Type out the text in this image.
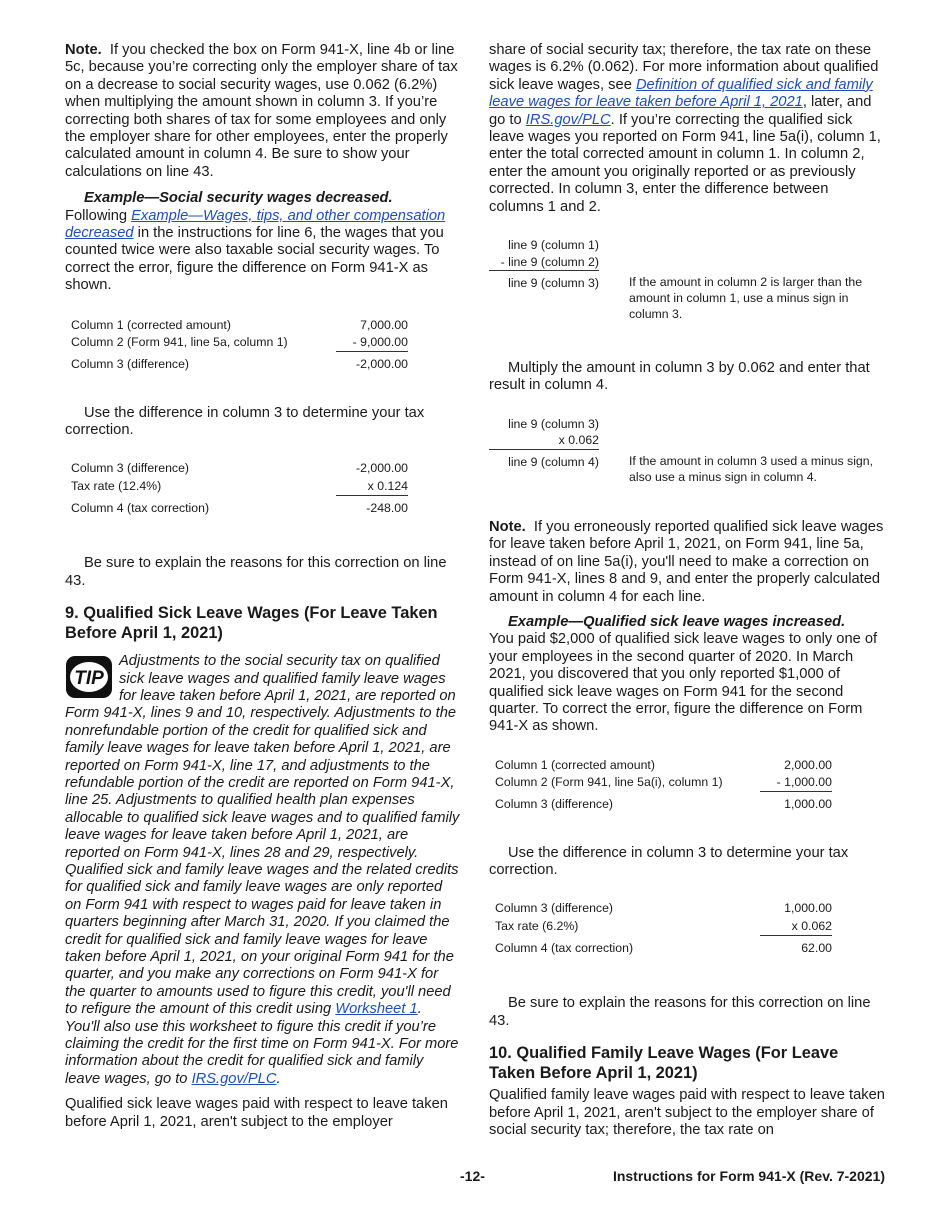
Note. If you checked the box on Form 941-X, line 4b or line 5c, because you’re correcting only the employer share of tax on a decrease to social security wages, use 0.062 (6.2%) when multiplying the amount shown in column 3. If you’re correcting both shares of tax for some employees and only the employer share for other employees, enter the properly calculated amount in column 4. Be sure to show your calculations on line 43.

Example—Social security wages decreased.
Following Example—Wages, tips, and other compensation decreased in the instructions for line 6, the wages that you counted twice were also taxable social security wages. To correct the error, figure the difference on Form 941-X as shown.

Column 1 (corrected amount)	7,000.00
Column 2 (Form 941, line 5a, column 1)	- 9,000.00
Column 3 (difference)	-2,000.00

Use the difference in column 3 to determine your tax correction.

Column 3 (difference)	-2,000.00
Tax rate (12.4%)	x 0.124
Column 4 (tax correction)	-248.00

Be sure to explain the reasons for this correction on line 43.

9. Qualified Sick Leave Wages (For Leave Taken Before April 1, 2021)

TIP
Adjustments to the social security tax on qualified sick leave wages and qualified family leave wages for leave taken before April 1, 2021, are reported on Form 941-X, lines 9 and 10, respectively. Adjustments to the nonrefundable portion of the credit for qualified sick and family leave wages for leave taken before April 1, 2021, are reported on Form 941-X, line 17, and adjustments to the refundable portion of the credit are reported on Form 941-X, line 25. Adjustments to qualified health plan expenses allocable to qualified sick leave wages and to qualified family leave wages for leave taken before April 1, 2021, are reported on Form 941-X, lines 28 and 29, respectively. Qualified sick and family leave wages and the related credits for qualified sick and family leave wages are only reported on Form 941 with respect to wages paid for leave taken in quarters beginning after March 31, 2020. If you claimed the credit for qualified sick and family leave wages for leave taken before April 1, 2021, on your original Form 941 for the quarter, and you make any corrections on Form 941-X for the quarter to amounts used to figure this credit, you'll need to refigure the amount of this credit using Worksheet 1. You'll also use this worksheet to figure this credit if you’re claiming the credit for the first time on Form 941-X. For more information about the credit for qualified sick and family leave wages, go to IRS.gov/PLC.

Qualified sick leave wages paid with respect to leave taken before April 1, 2021, aren't subject to the employer

share of social security tax; therefore, the tax rate on these wages is 6.2% (0.062). For more information about qualified sick leave wages, see Definition of qualified sick and family leave wages for leave taken before April 1, 2021, later, and go to IRS.gov/PLC. If you’re correcting the qualified sick leave wages you reported on Form 941, line 5a(i), column 1, enter the total corrected amount in column 1. In column 2, enter the amount you originally reported or as previously corrected. In column 3, enter the difference between columns 1 and 2.

line 9 (column 1)
- line 9 (column 2)
line 9 (column 3) If the amount in column 2 is larger than the amount in column 1, use a minus sign in column 3.

Multiply the amount in column 3 by 0.062 and enter that result in column 4.

line 9 (column 3)
x 0.062
line 9 (column 4) If the amount in column 3 used a minus sign, also use a minus sign in column 4.

Note. If you erroneously reported qualified sick leave wages for leave taken before April 1, 2021, on Form 941, line 5a, instead of on line 5a(i), you'll need to make a correction on Form 941-X, lines 8 and 9, and enter the properly calculated amount in column 4 for each line.

Example—Qualified sick leave wages increased.
You paid $2,000 of qualified sick leave wages to only one of your employees in the second quarter of 2020. In March 2021, you discovered that you only reported $1,000 of qualified sick leave wages on Form 941 for the second quarter. To correct the error, figure the difference on Form 941-X as shown.

Column 1 (corrected amount)	2,000.00
Column 2 (Form 941, line 5a(i), column 1)	- 1,000.00
Column 3 (difference)	1,000.00

Use the difference in column 3 to determine your tax correction.

Column 3 (difference)	1,000.00
Tax rate (6.2%)	x 0.062
Column 4 (tax correction)	62.00

Be sure to explain the reasons for this correction on line 43.

10. Qualified Family Leave Wages (For Leave Taken Before April 1, 2021)

Qualified family leave wages paid with respect to leave taken before April 1, 2021, aren't subject to the employer share of social security tax; therefore, the tax rate on

-12-	Instructions for Form 941-X (Rev. 7-2021)
